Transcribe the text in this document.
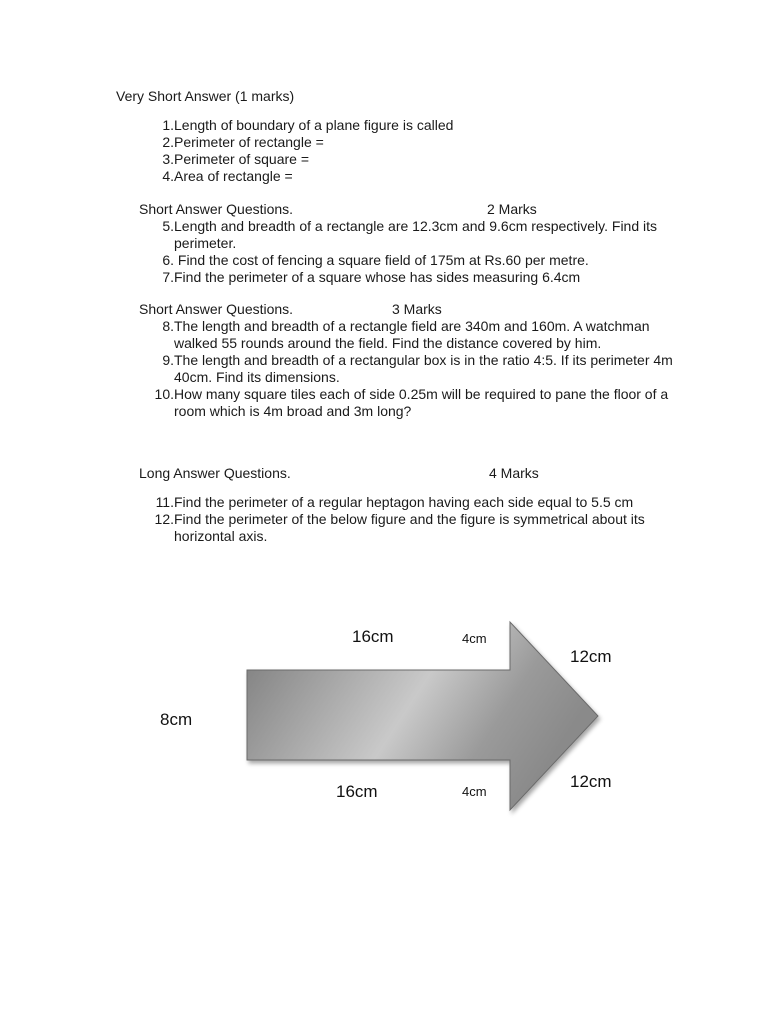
Very Short Answer (1 marks)
1. Length of boundary of a plane figure is called
2. Perimeter of rectangle =
3. Perimeter of square =
4. Area of rectangle =
Short Answer Questions.	2 Marks
5. Length and breadth of a rectangle are 12.3cm and 9.6cm respectively. Find its perimeter.
6. Find the cost of fencing a square field of 175m at Rs.60 per metre.
7. Find the perimeter of a square whose has sides measuring 6.4cm
Short Answer Questions.	3 Marks
8. The length and breadth of a rectangle field are 340m and 160m. A watchman walked 55 rounds around the field. Find the distance covered by him.
9. The length and breadth of a rectangular box is in the ratio 4:5. If its perimeter 4m 40cm. Find its dimensions.
10. How many square tiles each of side 0.25m will be required to pane the floor of a room which is 4m broad and 3m long?
Long Answer Questions.	4 Marks
11. Find the perimeter of a regular heptagon having each side equal to 5.5 cm
12. Find the perimeter of the below figure and the figure is symmetrical about its horizontal axis.
16cm	4cm
12cm
8cm
16cm	4cm
12cm
